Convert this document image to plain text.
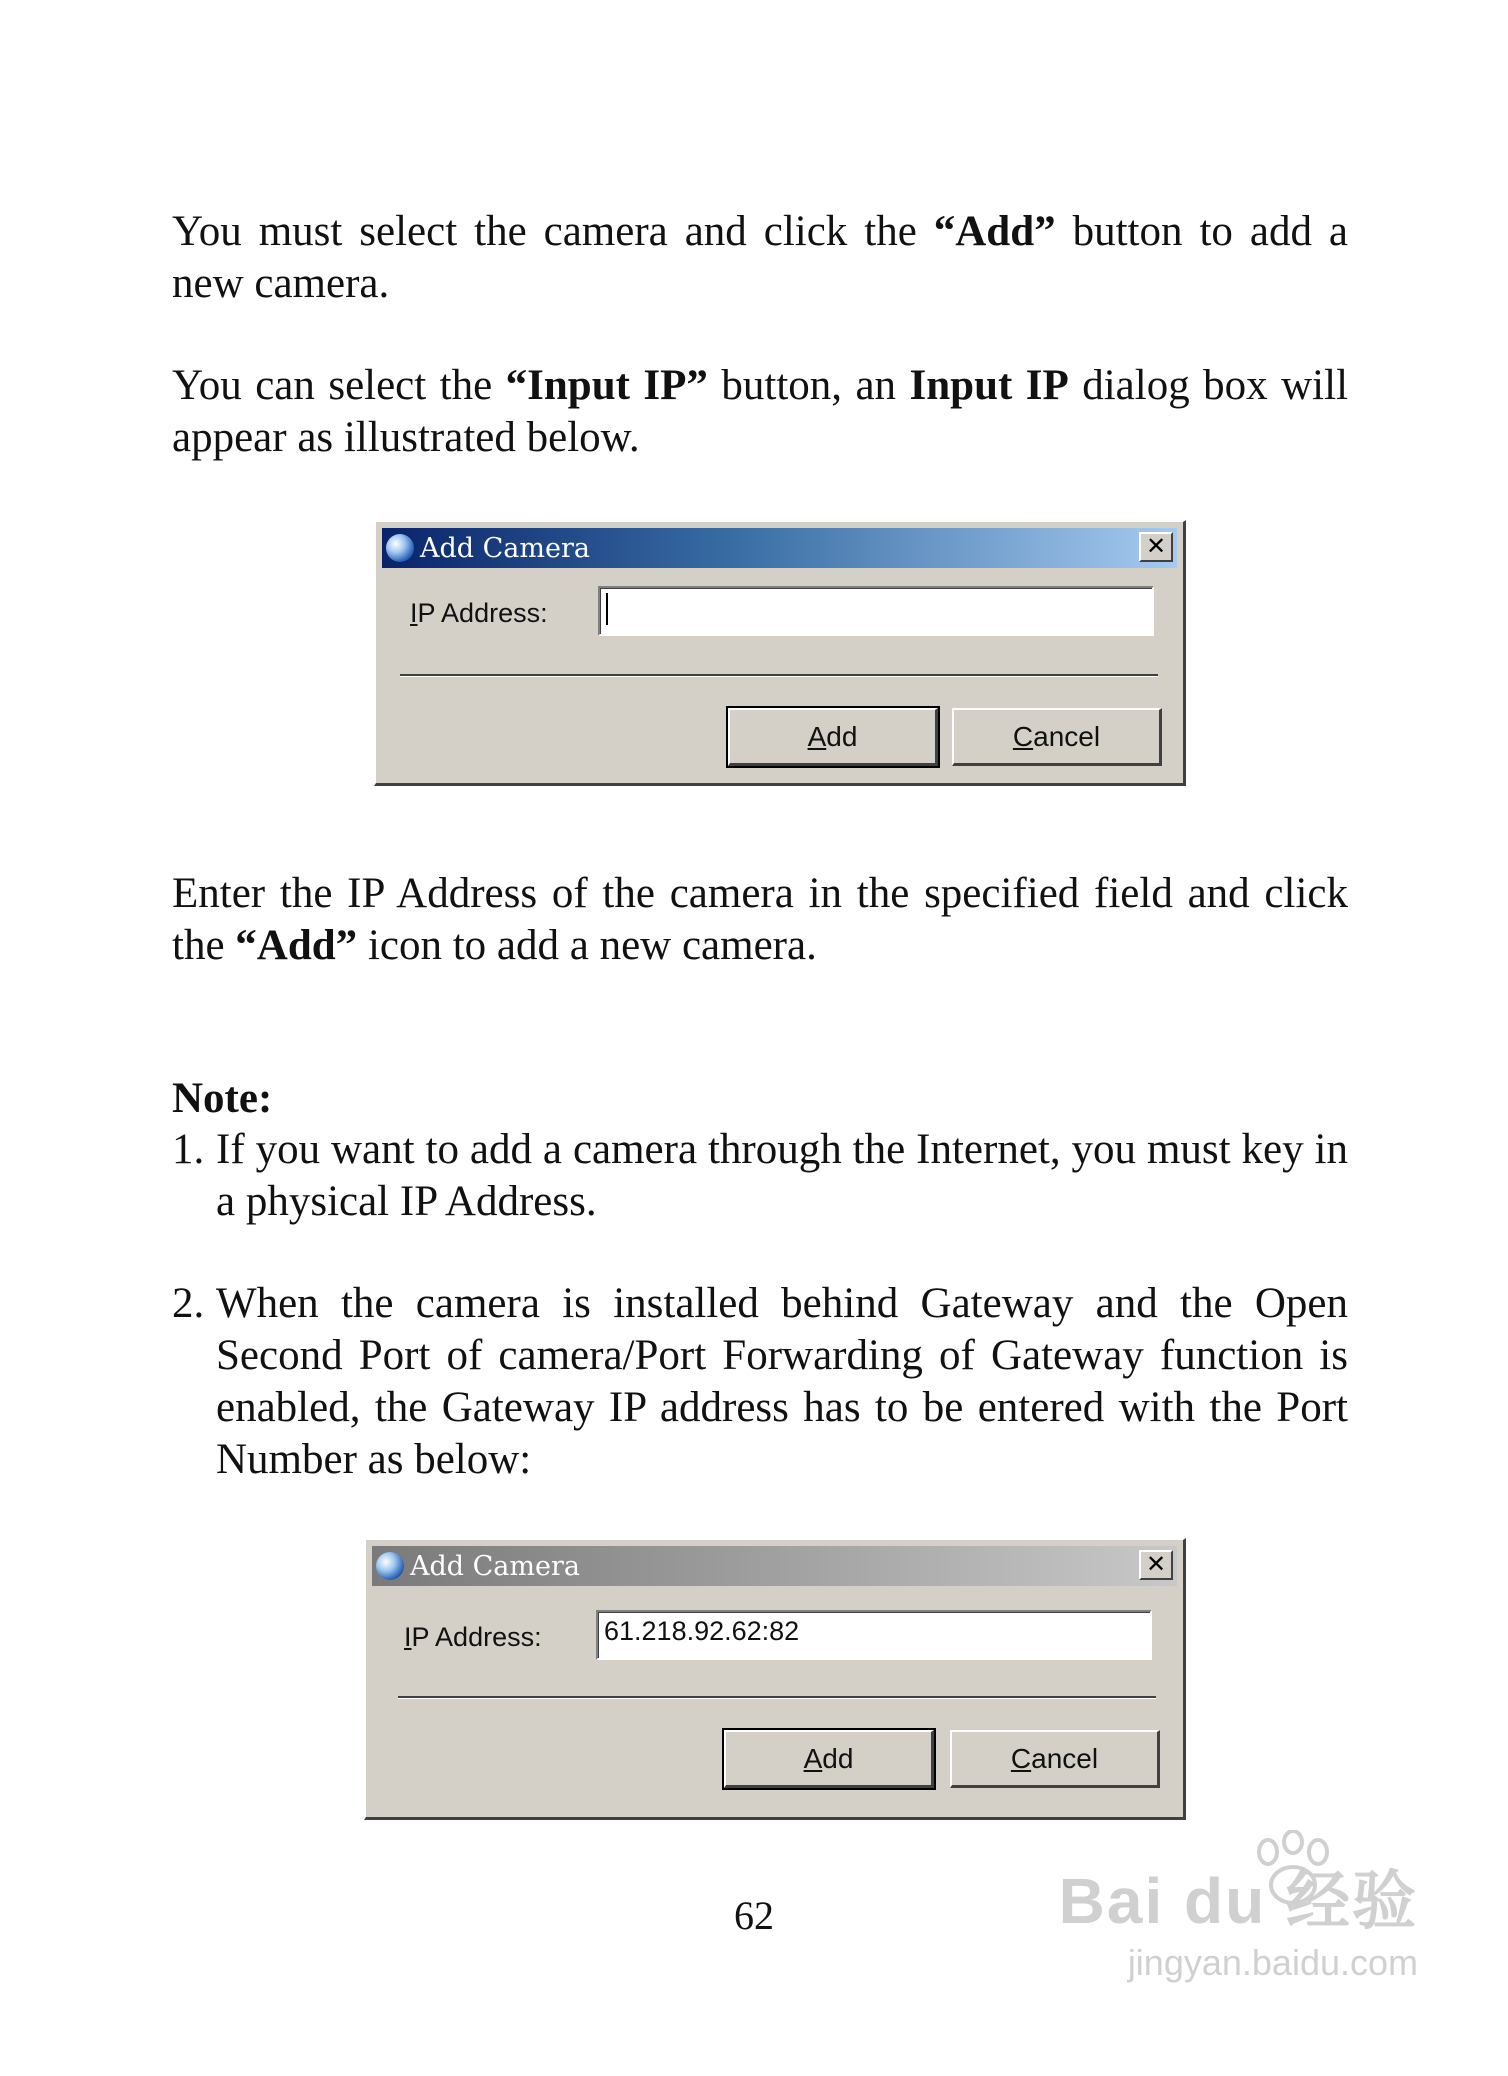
You must select the camera and click the “Add” button to add a new camera.

You can select the “Input IP” button, an Input IP dialog box will appear as illustrated below.

Add Camera	✕
IP Address:
A dd	C ancel

Enter the IP Address of the camera in the specified field and click the “Add” icon to add a new camera.

Note:

1. If you want to add a camera through the Internet, you must key in a physical IP Address.

2. When the camera is installed behind Gateway and the Open Second Port of camera/Port Forwarding of Gateway function is enabled, the Gateway IP address has to be entered with the Port Number as below:

Add Camera	✕
IP Address: 61.218.92.62:82
A dd	C ancel
62	Bai du 经验
jingyan.baidu.com
